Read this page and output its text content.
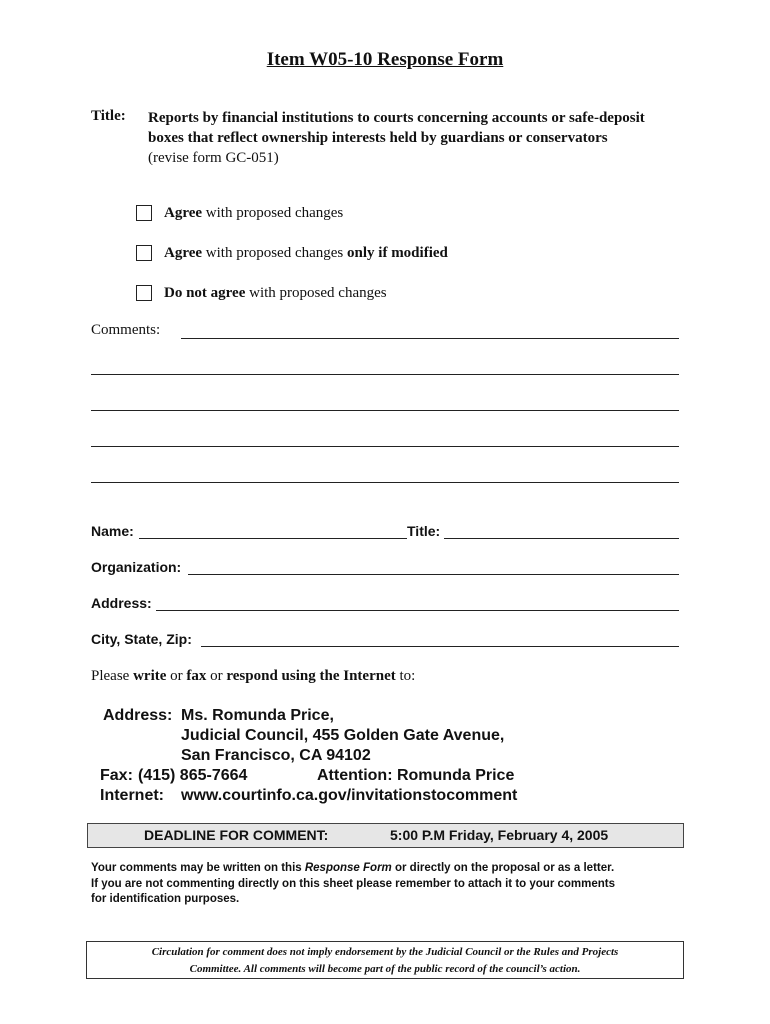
Item W05-10 Response Form
Title: Reports by financial institutions to courts concerning accounts or safe-deposit boxes that reflect ownership interests held by guardians or conservators (revise form GC-051)
Agree with proposed changes
Agree with proposed changes only if modified
Do not agree with proposed changes
Comments:
Name:	Title:
Organization:
Address:
City, State, Zip:
Please write or fax or respond using the Internet to:
Address: Ms. Romunda Price,
Judicial Council, 455 Golden Gate Avenue,
San Francisco, CA 94102
Fax: (415) 865-7664	Attention: Romunda Price
Internet: www.courtinfo.ca.gov/invitationstocomment
DEADLINE FOR COMMENT:	5:00 P.M Friday, February 4, 2005
Your comments may be written on this Response Form or directly on the proposal or as a letter.
If you are not commenting directly on this sheet please remember to attach it to your comments
for identification purposes.
Circulation for comment does not imply endorsement by the Judicial Council or the Rules and Projects
Committee. All comments will become part of the public record of the council’s action.
